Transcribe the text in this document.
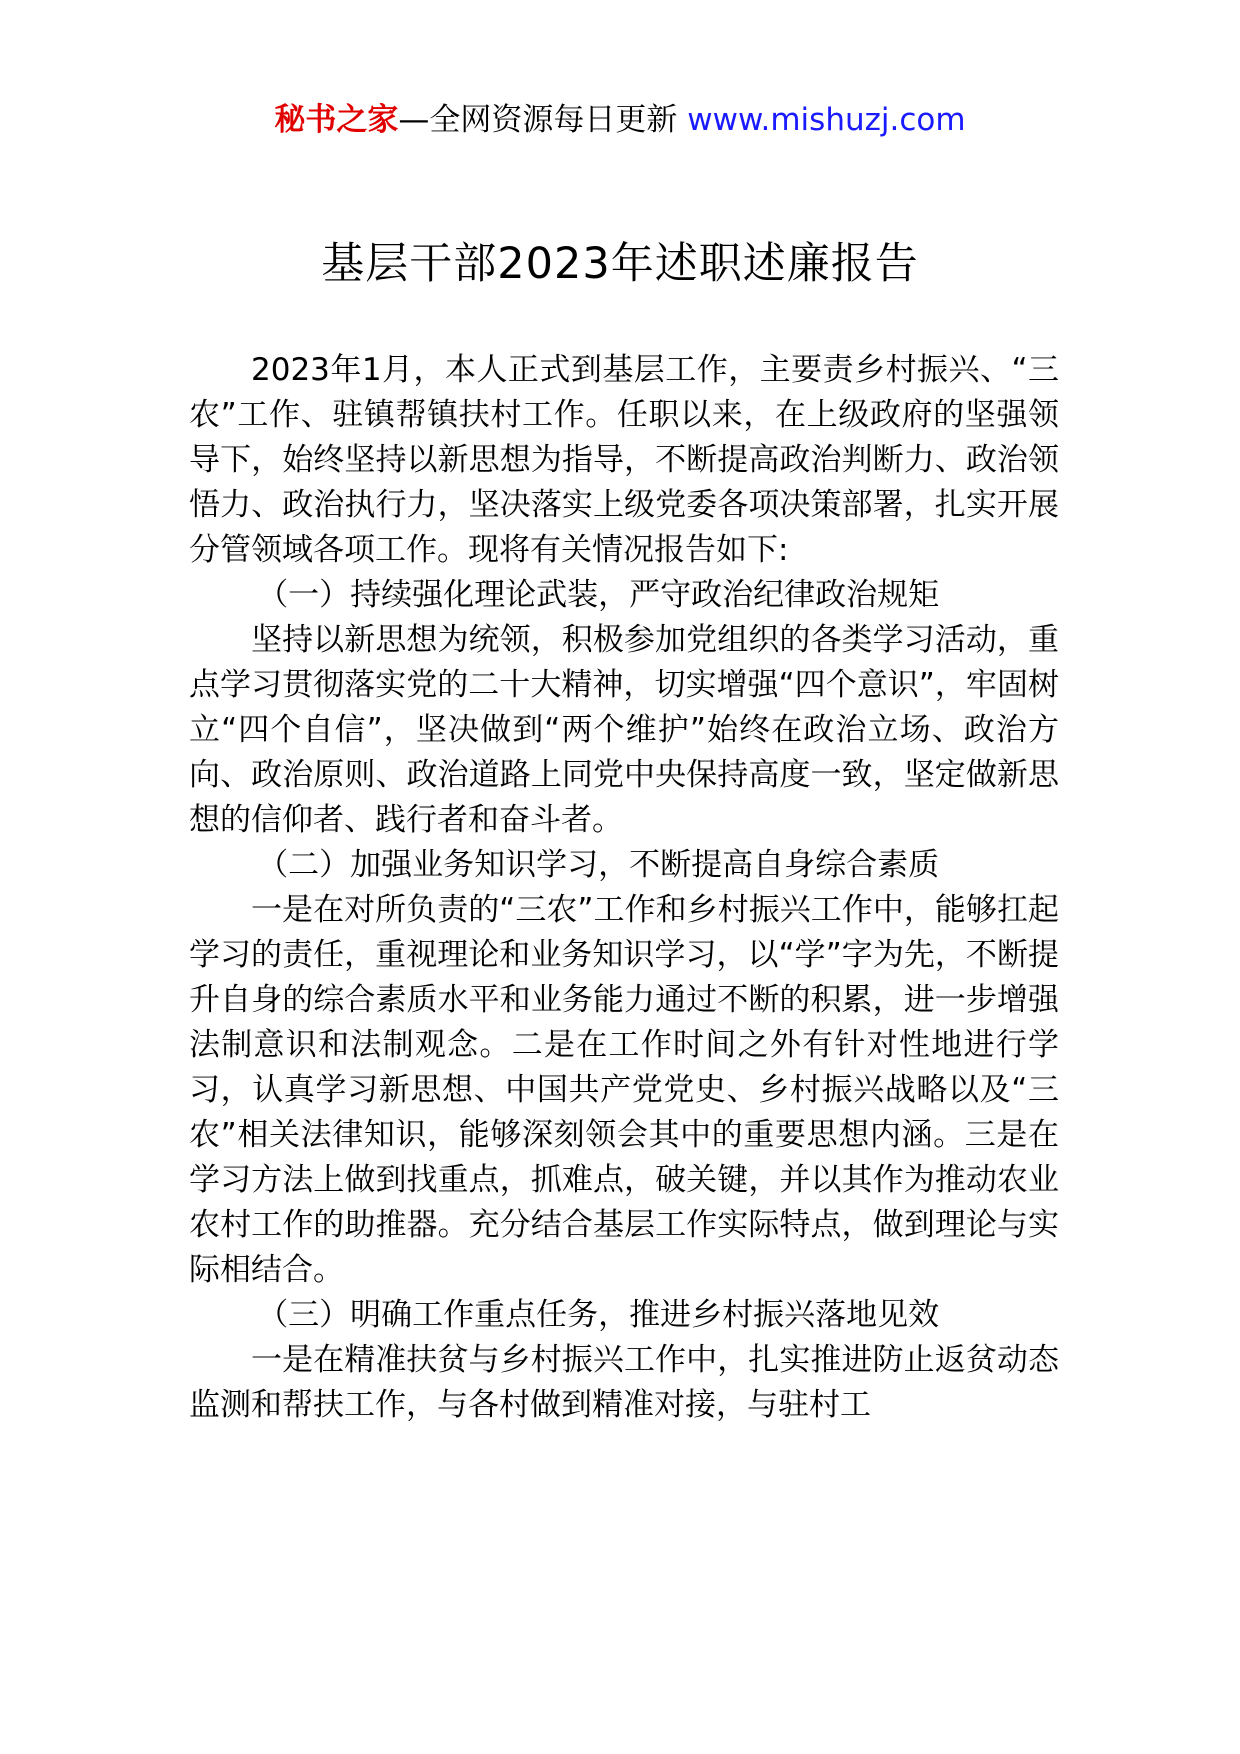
秘书之家—全网资源每日更新 www.mishuzj.com
基层干部2023年述职述廉报告

2023年1月，本人正式到基层工作，主要责乡村振兴、“三农”工作、驻镇帮镇扶村工作。任职以来，在上级政府的坚强领导下，始终坚持以新思想为指导，不断提高政治判断力、政治领悟力、政治执行力，坚决落实上级党委各项决策部署，扎实开展分管领域各项工作。现将有关情况报告如下:

（一）持续强化理论武装，严守政治纪律政治规矩

坚持以新思想为统领，积极参加党组织的各类学习活动，重点学习贯彻落实党的二十大精神，切实增强“四个意识”，牢固树立“四个自信”，坚决做到“两个维护”始终在政治立场、政治方向、政治原则、政治道路上同党中央保持高度一致，坚定做新思想的信仰者、践行者和奋斗者。

（二）加强业务知识学习，不断提高自身综合素质

一是在对所负责的“三农”工作和乡村振兴工作中，能够扛起学习的责任，重视理论和业务知识学习，以“学”字为先，不断提升自身的综合素质水平和业务能力通过不断的积累，进一步增强法制意识和法制观念。二是在工作时间之外有针对性地进行学习，认真学习新思想、中国共产党党史、乡村振兴战略以及“三农”相关法律知识，能够深刻领会其中的重要思想内涵。三是在学习方法上做到找重点，抓难点，破关键，并以其作为推动农业农村工作的助推器。充分结合基层工作实际特点，做到理论与实际相结合。

（三）明确工作重点任务，推进乡村振兴落地见效

一是在精准扶贫与乡村振兴工作中，扎实推进防止返贫动态监测和帮扶工作，与各村做到精准对接，与驻村工
